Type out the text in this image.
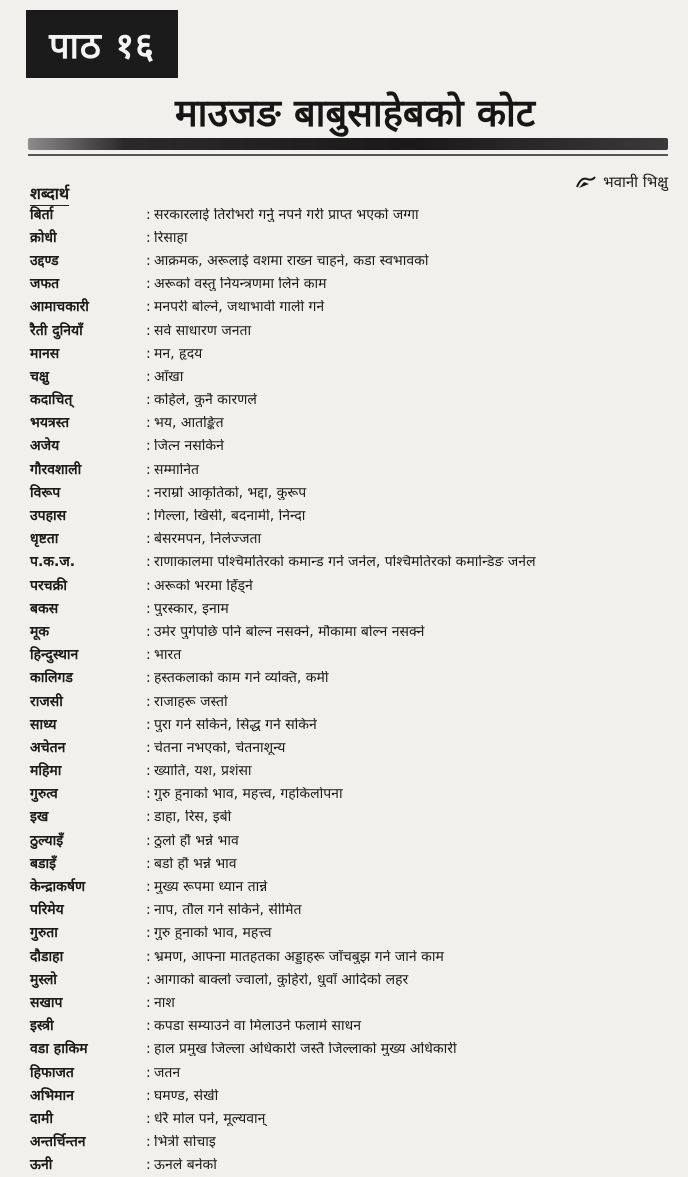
पाठ १६
माउजङ बाबुसाहेबको कोट
भवानी भिक्षु
शब्दार्थ
बिर्ता	: सरकारलाई तिरोभरो गर्नु नपर्ने गरी प्राप्त भएको जग्गा
क्रोधी	: रिसाहा
उद्दण्ड	: आक्रमक, अरूलाई वशमा राख्न चाहने, कडा स्वभावको
जफत	: अरूको वस्तु नियन्त्रणमा लिने काम
आमाचकारी	: मनपरी बोल्ने, जथाभावी गाली गर्ने
रैती दुनियाँ	: सर्व साधारण जनता
मानस	: मन, हृदय
चक्षु	: आँखा
कदाचित्	: कहिले, कुनै कारणले
भयत्रस्त	: भय, आतङ्कित
अजेय	: जित्न नसकिने
गौरवशाली	: सम्मानित
विरूप	: नराम्रो आकृतिको, भद्दा, कुरूप
उपहास	: गिल्ला, खिसी, बदनामी, निन्दा
धृष्टता	: बेसरमपन, निर्लज्जता
प.क.ज.	: राणाकालमा पश्चिमतिरको कमान्ड गर्ने जर्नेल, पश्चिमतिरको कमान्डिङ जर्नेल
परचक्री	: अरूको भरमा हिँड्ने
बकस	: पुरस्कार, इनाम
मूक	: उमेर पुगेपछि पनि बोल्न नसक्ने, मौकामा बोल्न नसक्ने
हिन्दुस्थान	: भारत
कालिगड	: हस्तकलाको काम गर्ने व्यक्ति, कर्मी
राजसी	: राजाहरू जस्तो
साध्य	: पुरा गर्न सकिने, सिद्ध गर्न सकिने
अचेतन	: चेतना नभएको, चेतनाशून्य
महिमा	: ख्याति, यश, प्रशंसा
गुरुत्व	: गुरु हुनाको भाव, महत्त्व, गहकिलोपना
इख	: डाहा, रिस, इबी
ठुल्याइँ	: ठुलो हौं भन्ने भाव
बडाइँ	: बडो हौं भन्ने भाव
केन्द्राकर्षण	: मुख्य रूपमा ध्यान तान्ने
परिमेय	: नाप, तौल गर्न सकिने, सीमित
गुरुता	: गुरु हुनाको भाव, महत्त्व
दौडाहा	: भ्रमण, आफ्ना मातहतका अड्डाहरू जाँचबुझ गर्न जाने काम
मुस्लो	: आगाको बाक्लो ज्वालो, कुहिरो, धुवाँ आदिको लहर
सखाप	: नाश
इस्त्री	: कपडा सम्याउने वा मिलाउने फलामे साधन
वडा हाकिम	: हाल प्रमुख जिल्ला अधिकारी जस्तै जिल्लाको मुख्य अधिकारी
हिफाजत	: जतन
अभिमान	: घमण्ड, सेखी
दामी	: धेरै मोल पर्ने, मूल्यवान्
अन्तर्चिन्तन	: भित्री सोचाइ
ऊनी	: ऊनले बनेको
